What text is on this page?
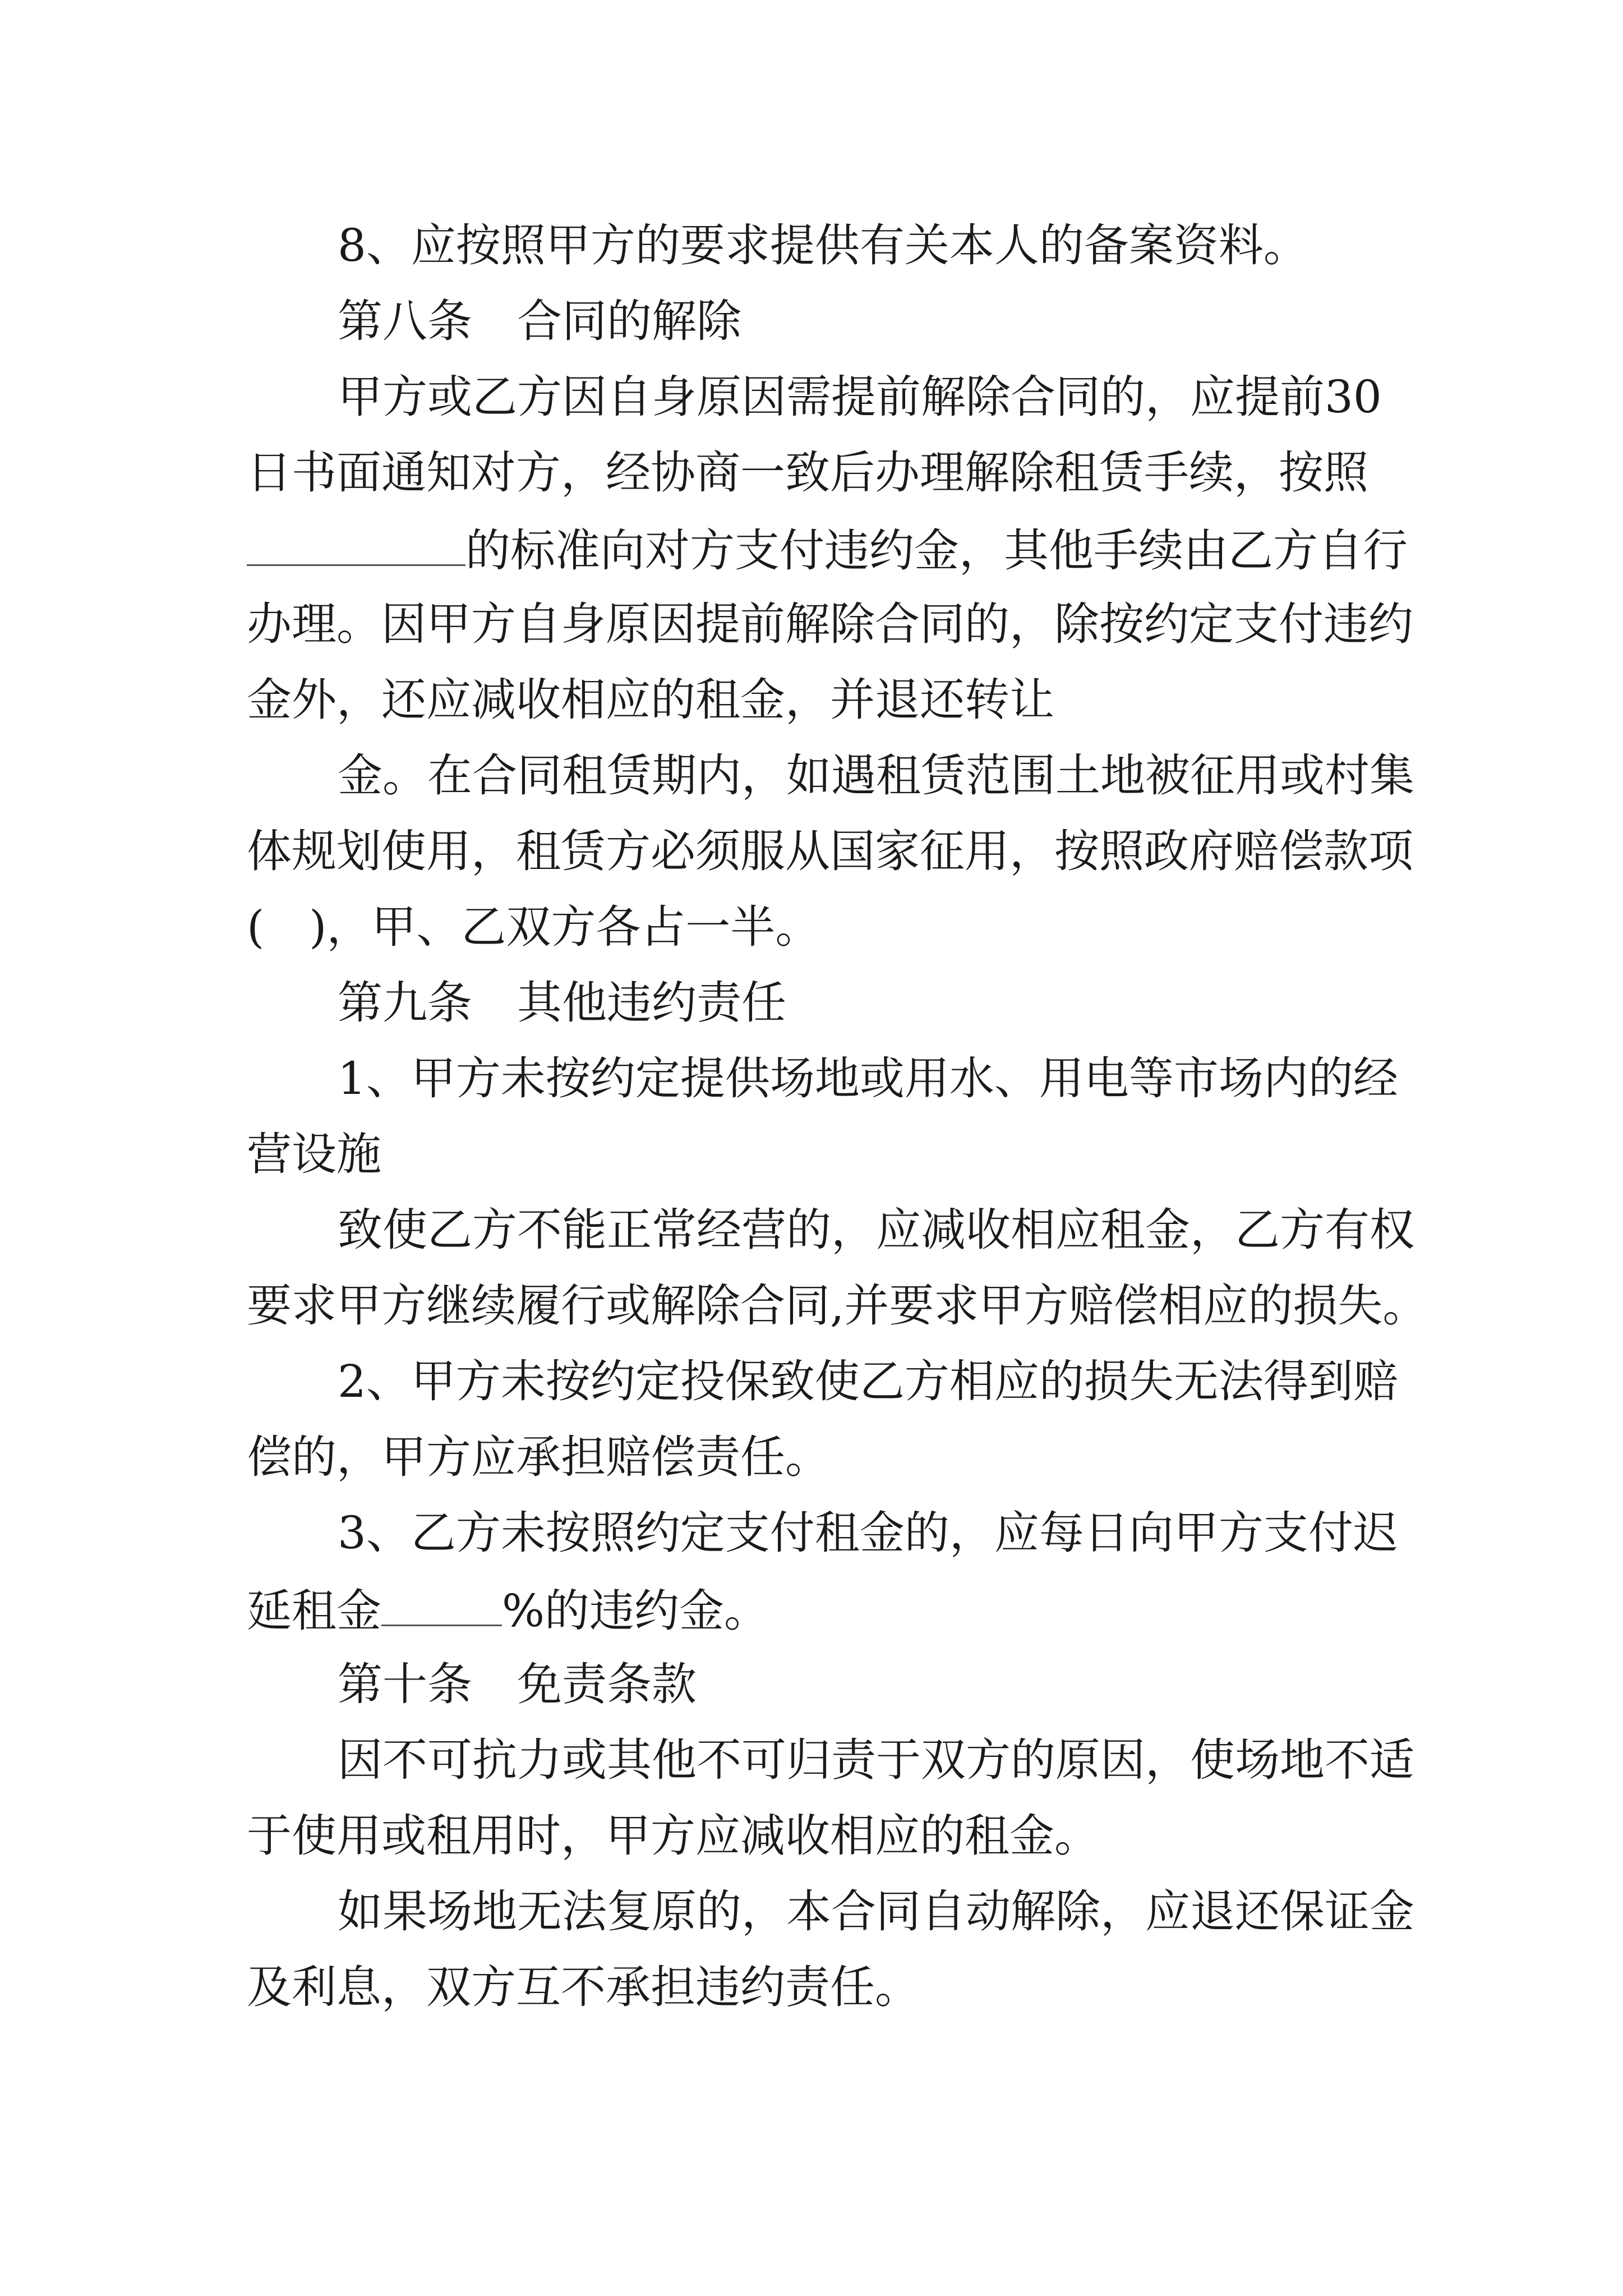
8、应按照甲方的要求提供有关本人的备案资料。

第八条　合同的解除

甲方或乙方因自身原因需提前解除合同的，应提前30

日书面通知对方，经协商一致后办理解除租赁手续，按照

的标准向对方支付违约金，其他手续由乙方自行

办理。因甲方自身原因提前解除合同的，除按约定支付违约

金外，还应减收相应的租金，并退还转让

金。在合同租赁期内，如遇租赁范围土地被征用或村集

体规划使用，租赁方必须服从国家征用，按照政府赔偿款项

(　)，甲、乙双方各占一半。

第九条　其他违约责任

1、甲方未按约定提供场地或用水、用电等市场内的经

营设施

致使乙方不能正常经营的，应减收相应租金，乙方有权

要求甲方继续履行或解除合同,并要求甲方赔偿相应的损失。

2、甲方未按约定投保致使乙方相应的损失无法得到赔

偿的，甲方应承担赔偿责任。

3、乙方未按照约定支付租金的，应每日向甲方支付迟

延租金	%的违约金。

第十条　免责条款

因不可抗力或其他不可归责于双方的原因，使场地不适

于使用或租用时，甲方应减收相应的租金。

如果场地无法复原的，本合同自动解除，应退还保证金

及利息，双方互不承担违约责任。
